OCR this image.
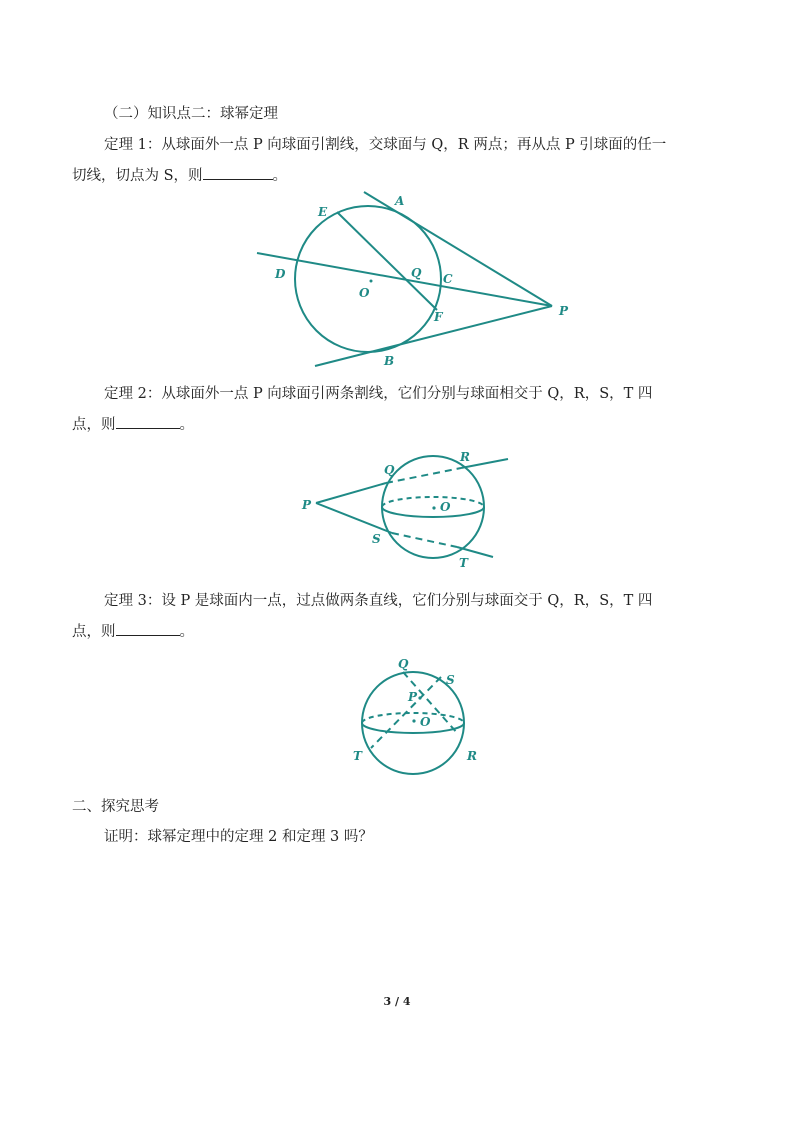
（二）知识点二：球幂定理
定理 1：从球面外一点 P 向球面引割线，交球面与 Q，R 两点；再从点 P 引球面的任一
切线，切点为 S，则	。
A
E
D	Q C
O
F	P
B
定理 2：从球面外一点 P 向球面引两条割线，它们分别与球面相交于 Q，R，S，T 四
点，则	。
Q
R
P	O
S
T
定理 3：设 P 是球面内一点，过点做两条直线，它们分别与球面交于 Q，R，S，T 四
点，则	。
Q
S
P
O
T	R
二、探究思考
证明：球幂定理中的定理 2 和定理 3 吗？
3 / 4
